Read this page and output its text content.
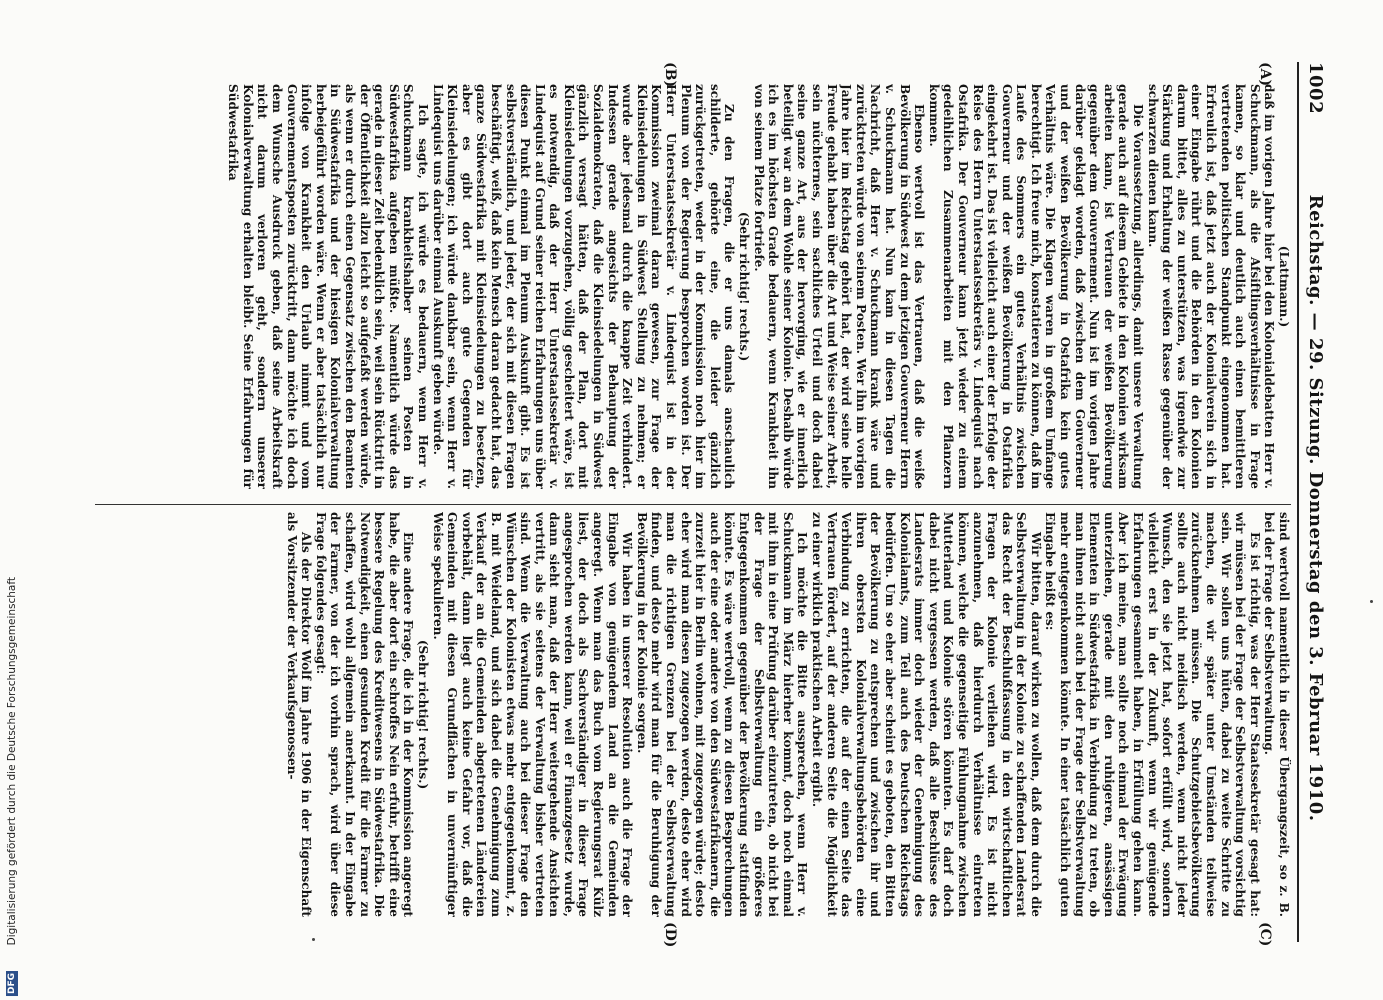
1002
Reichstag. — 29. Sitzung. Donnerstag den 3. Februar 1910.
(A)
(B)
(C)
(D)

(Lattmann.)

daß im vorigen Jahre hier bei den Kolonialdebatten Herr v. Schuckmann, als die Afsiftlingsverhältnisse in Frage kamen, so klar und deutlich auch einen bemittleren vertretenden politischen Standpunkt eingenommen hat. Erfreulich ist, daß jetzt auch der Kolonialverein sich in einer Eingabe rührt und die Behörden in den Kolonien darum bittet, alles zu unterstützen, was irgendwie zur Stärkung und Erhaltung der weißen Rasse gegenüber der schwarzen dienen kann.

Die Voraussetzung, allerdings, damit unsere Verwaltung gerade auch auf diesem Gebiete in den Kolonien wirksam arbeiten kann, ist Vertrauen der weißen Bevölkerung gegenüber dem Gouvernement. Nun ist im vorigen Jahre darüber geklagt worden, daß zwischen dem Gouverneur und der weißen Bevölkerung in Ostafrika kein gutes Verhältnis wäre. Die Klagen waren in großem Umfange berechtigt. Ich freue mich, konstatieren zu können, daß im Laufe des Sommers ein gutes Verhältnis zwischen Gouverneur und der weißen Bevölkerung in Ostafrika eingekehrt ist. Das ist vielleicht auch einer der Erfolge der Reise des Herrn Unterstaatssekretärs v. Lindequist nach Ostafrika. Der Gouverneur kann jetzt wieder zu einem gedeihlichen Zusammenarbeiten mit den Pflanzern kommen.

Ebenso wertvoll ist das Vertrauen, daß die weiße Bevölkerung in Südwest zu dem jetzigen Gouverneur Herrn v. Schuckmann hat. Nun kam in diesen Tagen die Nachricht, daß Herr v. Schuckmann krank wäre und zurücktreten würde von seinem Posten. Wer ihn im vorigen Jahre hier im Reichstag gehört hat, der wird seine helle Freude gehabt haben über die Art und Weise seiner Arbeit, sein nüchternes, sein sachliches Urteil und doch dabei seine ganze Art, aus der hervorging, wie er innerlich beteiligt war an dem Wohle seiner Kolonie. Deshalb würde ich es im höchsten Grade bedauern, wenn Krankheit ihn von seinem Platze fortriefe.

(Sehr richtig! rechts.)

Zu den Fragen, die er uns damals anschaulich schilderte, gehörte eine, die leider gänzlich zurückgetreten, weder in der Kommission noch hier im Plenum von der Regierung besprochen worden ist. Der Herr Unterstaatssekretär v. Lindequist ist in der Kommission zweimal daran gewesen, zur Frage der Kleinsiedelungen in Südwest Stellung zu nehmen; er wurde aber jedesmal durch die knappe Zeit verhindert. Indessen gerade angesichts der Behauptung der Sozialdemokraten, daß die Kleinsiedelungen in Südwest gänzlich versagt hätten, daß der Plan, dort mit Kleinsiedelungen vorzugehen, völlig gescheitert wäre, ist es notwendig, daß der Herr Unterstaatssekretär v. Lindequist auf Grund seiner reichen Erfahrungen uns über diesen Punkt einmal im Plenum Auskunft gibt. Es ist selbstverständlich, und jeder, der sich mit diesen Fragen beschäftigt, weiß, daß kein Mensch daran gedacht hat, das ganze Südwestafrika mit Kleinsiedelungen zu besetzen, aber es gibt dort auch gute Gegenden für Kleinsiedelungen; ich würde dankbar sein, wenn Herr v. Lindequist uns darüber einmal Auskunft geben würde.

Ich sagte, ich würde es bedauern, wenn Herr v. Schuckmann krankheitshalber seinen Posten in Südwestafrika aufgeben müßte. Namentlich würde das gerade in dieser Zeit bedenklich sein, weil sein Rücktritt in der Öffentlichkeit allzu leicht so aufgefaßt werden würde, als wenn er durch einen Gegensatz zwischen den Beamten in Südwestafrika und der hiesigen Kolonialverwaltung herbeigeführt worden wäre. Wenn er aber tatsächlich nur infolge von Krankheit den Urlaub nimmt und vom Gouvernementsposten zurücktritt, dann möchte ich doch dem Wunsche Ausdruck geben, daß seine Arbeitskraft nicht darum verloren geht, sondern unserer Kolonialverwaltung erhalten bleibt. Seine Erfahrungen für Südwestafrika

sind wertvoll namentlich in dieser Übergangszeit, so z. B. bei der Frage der Selbstverwaltung.

Es ist richtig, was der Herr Staatssekretär gesagt hat: wir müssen bei der Frage der Selbstverwaltung vorsichtig sein. Wir sollen uns hüten, dabei zu weite Schritte zu machen, die wir später unter Umständen teilweise zurücknehmen müssen. Die Schutzgebietsbevölkerung sollte auch nicht neidisch werden, wenn nicht jeder Wunsch, den sie jetzt hat, sofort erfüllt wird, sondern vielleicht erst in der Zukunft, wenn wir genügende Erfahrungen gesammelt haben, in Erfüllung gehen kann. Aber ich meine, man sollte noch einmal der Erwägung unterziehen, gerade mit den ruhigeren, ansässigen Elementen in Südwestafrika in Verbindung zu treten, ob man ihnen nicht auch bei der Frage der Selbstverwaltung mehr entgegenkommen könnte. In einer tatsächlich guten Eingabe heißt es:

Wir bitten, darauf wirken zu wollen, daß dem durch die Selbstverwaltung in der Kolonie zu schaffenden Landesrat das Recht der Beschlußfassung in den wirtschaftlichen Fragen der Kolonie verliehen wird. Es ist nicht anzunehmen, daß hierdurch Verhältnisse eintreten können, welche die gegenseitige Fühlungnahme zwischen Mutterland und Kolonie stören könnten. Es darf doch dabei nicht vergessen werden, daß alle Beschlüsse des Landesrats immer doch wieder der Genehmigung des Kolonialamts, zum Teil auch des Deutschen Reichstags bedürfen. Um so eher aber scheint es geboten, den Bitten der Bevölkerung zu entsprechen und zwischen ihr und ihren obersten Kolonialverwaltungsbehörden eine Verbindung zu errichten, die auf der einen Seite das Vertrauen fördert, auf der anderen Seite die Möglichkeit zu einer wirklich praktischen Arbeit ergibt.

Ich möchte die Bitte aussprechen, wenn Herr v. Schuckmann im März hierher kommt, doch noch einmal mit ihm in eine Prüfung darüber einzutreten, ob nicht bei der Frage der Selbstverwaltung ein größeres Entgegenkommen gegenüber der Bevölkerung stattfinden könnte. Es wäre wertvoll, wenn zu diesen Besprechungen auch der eine oder andere von den Südwestafrikanern, die zurzeit hier in Berlin wohnen, mit zugezogen würde; desto eher wird man diesen zugezogen werden, desto eher wird man die richtigen Grenzen bei der Selbstverwaltung finden, und desto mehr wird man für die Beruhigung der Bevölkerung in der Kolonie sorgen.

Wir haben in unserer Resolution auch die Frage der Eingabe von genügendem Land an die Gemeinden angeregt. Wenn man das Buch vom Regierungsrat Külz liest, der doch als Sachverständiger in dieser Frage angesprochen werden kann, weil er Finanzgesetz wurde, dann sieht man, daß der Herr weitergehende Ansichten vertritt, als sie seitens der Verwaltung bisher vertreten sind. Wenn die Verwaltung auch bei dieser Frage den Wünschen der Kolonisten etwas mehr entgegenkommt, z. B. mit Weideland, und sich dabei die Genehmigung zum Verkauf der an die Gemeinden abgetretenen Ländereien vorbehält, dann liegt auch keine Gefahr vor, daß die Gemeinden mit diesen Grundflächen in unvernünftiger Weise spekulieren.

(Sehr richtig! rechts.)

Eine andere Frage, die ich in der Kommission angeregt habe, die aber dort ein schroffes Nein erfuhr, betrifft eine bessere Regelung des Kreditwesens in Südwestafrika. Die Notwendigkeit, einen gesunden Kredit für die Farmer zu schaffen, wird wohl allgemein anerkannt. In der Eingabe der Farmer, von der ich vorhin sprach, wird über diese Frage folgendes gesagt:

Als der Direktor Wolf im Jahre 1906 in der Eigenschaft als Vorsitzender der Verkaufsgenossen-

Digitalisierung gefördert durch die Deutsche Forschungsgemeinschaft
DFG
